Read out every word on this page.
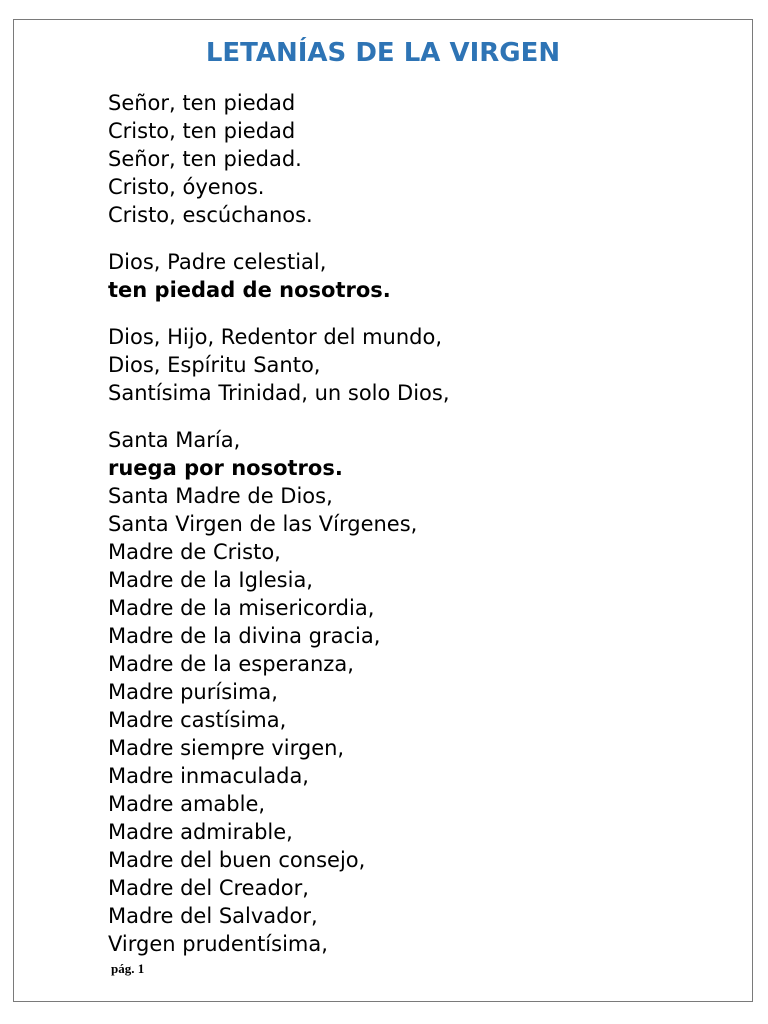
LETANÍAS DE LA VIRGEN
Señor, ten piedad
Cristo, ten piedad
Señor, ten piedad.
Cristo, óyenos.
Cristo, escúchanos.
Dios, Padre celestial,
ten piedad de nosotros.
Dios, Hijo, Redentor del mundo,
Dios, Espíritu Santo,
Santísima Trinidad, un solo Dios,
Santa María,
ruega por nosotros.
Santa Madre de Dios,
Santa Virgen de las Vírgenes,
Madre de Cristo,
Madre de la Iglesia,
Madre de la misericordia,
Madre de la divina gracia,
Madre de la esperanza,
Madre purísima,
Madre castísima,
Madre siempre virgen,
Madre inmaculada,
Madre amable,
Madre admirable,
Madre del buen consejo,
Madre del Creador,
Madre del Salvador,
Virgen prudentísima,
pág. 1
